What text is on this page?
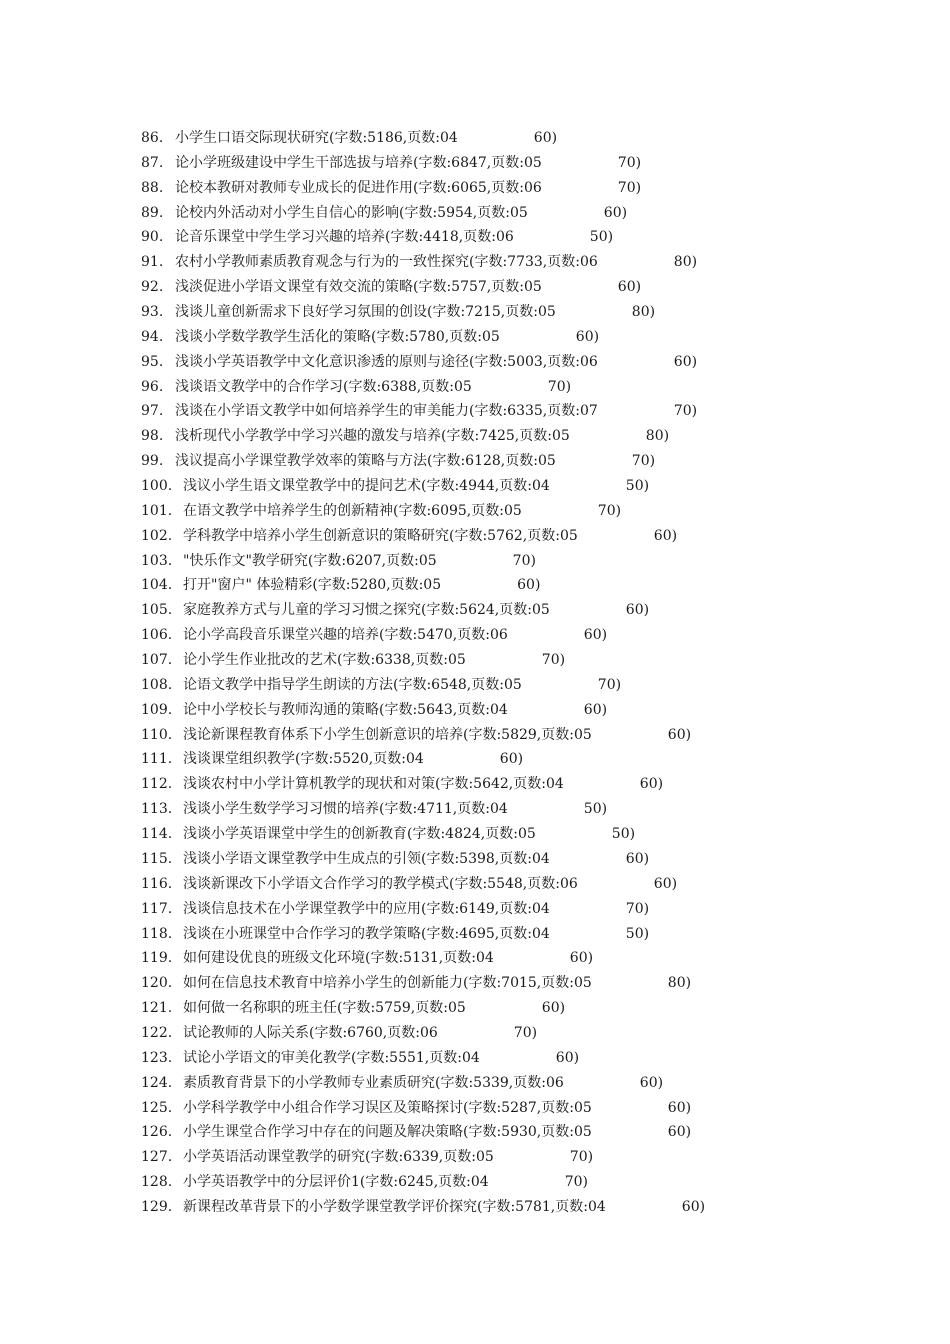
86. 小学生口语交际现状研究(字数:5186,页数:04	60)
87. 论小学班级建设中学生干部选拔与培养(字数:6847,页数:05	70)
88. 论校本教研对教师专业成长的促进作用(字数:6065,页数:06	70)
89. 论校内外活动对小学生自信心的影响(字数:5954,页数:05	60)
90. 论音乐课堂中学生学习兴趣的培养(字数:4418,页数:06	50)
91. 农村小学教师素质教育观念与行为的一致性探究(字数:7733,页数:06	80)
92. 浅淡促进小学语文课堂有效交流的策略(字数:5757,页数:05	60)
93. 浅谈儿童创新需求下良好学习氛围的创设(字数:7215,页数:05	80)
94. 浅谈小学数学教学生活化的策略(字数:5780,页数:05	60)
95. 浅谈小学英语教学中文化意识渗透的原则与途径(字数:5003,页数:06	60)
96. 浅谈语文教学中的合作学习(字数:6388,页数:05	70)
97. 浅谈在小学语文教学中如何培养学生的审美能力(字数:6335,页数:07	70)
98. 浅析现代小学教学中学习兴趣的激发与培养(字数:7425,页数:05	80)
99. 浅议提高小学课堂教学效率的策略与方法(字数:6128,页数:05	70)
100. 浅议小学生语文课堂教学中的提问艺术(字数:4944,页数:04	50)
101. 在语文教学中培养学生的创新精神(字数:6095,页数:05	70)
102. 学科教学中培养小学生创新意识的策略研究(字数:5762,页数:05	60)
103. "快乐作文"教学研究(字数:6207,页数:05	70)
104. 打开"窗户" 体验精彩(字数:5280,页数:05	60)
105. 家庭教养方式与儿童的学习习惯之探究(字数:5624,页数:05	60)
106. 论小学高段音乐课堂兴趣的培养(字数:5470,页数:06	60)
107. 论小学生作业批改的艺术(字数:6338,页数:05	70)
108. 论语文教学中指导学生朗读的方法(字数:6548,页数:05	70)
109. 论中小学校长与教师沟通的策略(字数:5643,页数:04	60)
110. 浅论新课程教育体系下小学生创新意识的培养(字数:5829,页数:05	60)
111. 浅谈课堂组织教学(字数:5520,页数:04	60)
112. 浅谈农村中小学计算机教学的现状和对策(字数:5642,页数:04	60)
113. 浅谈小学生数学学习习惯的培养(字数:4711,页数:04	50)
114. 浅谈小学英语课堂中学生的创新教育(字数:4824,页数:05	50)
115. 浅谈小学语文课堂教学中生成点的引领(字数:5398,页数:04	60)
116. 浅谈新课改下小学语文合作学习的教学模式(字数:5548,页数:06	60)
117. 浅谈信息技术在小学课堂教学中的应用(字数:6149,页数:04	70)
118. 浅谈在小班课堂中合作学习的教学策略(字数:4695,页数:04	50)
119. 如何建设优良的班级文化环境(字数:5131,页数:04	60)
120. 如何在信息技术教育中培养小学生的创新能力(字数:7015,页数:05	80)
121. 如何做一名称职的班主任(字数:5759,页数:05	60)
122. 试论教师的人际关系(字数:6760,页数:06	70)
123. 试论小学语文的审美化教学(字数:5551,页数:04	60)
124. 素质教育背景下的小学教师专业素质研究(字数:5339,页数:06	60)
125. 小学科学教学中小组合作学习误区及策略探讨(字数:5287,页数:05	60)
126. 小学生课堂合作学习中存在的问题及解决策略(字数:5930,页数:05	60)
127. 小学英语活动课堂教学的研究(字数:6339,页数:05	70)
128. 小学英语教学中的分层评价1(字数:6245,页数:04	70)
129. 新课程改革背景下的小学数学课堂教学评价探究(字数:5781,页数:04	60)
